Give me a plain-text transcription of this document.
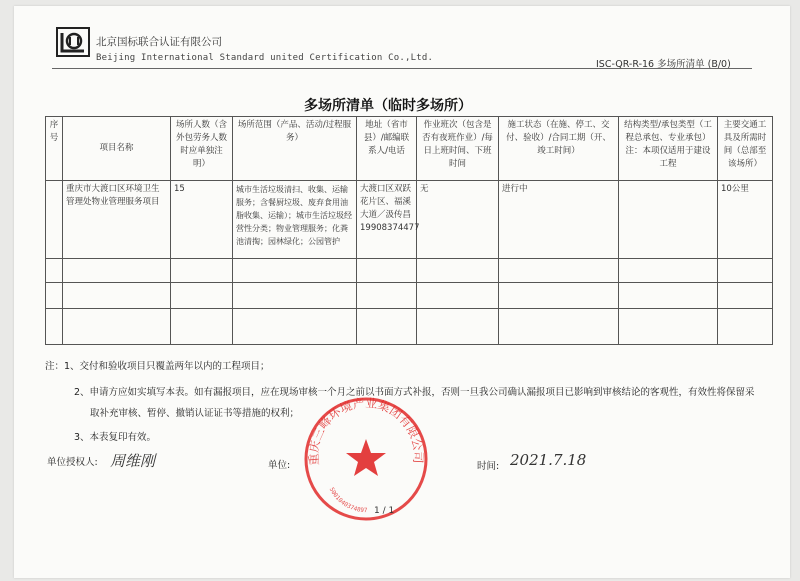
北京国标联合认证有限公司
Beijing International Standard united Certification Co.,Ltd.
ISC-QR-R-16 多场所清单 (B/0)
多场所清单（临时多场所）
序号	项目名称	场所人数（含外包劳务人数时应单独注明）	场所范围（产品、活动/过程服务）	地址（省市县）/邮编联系人/电话	作业班次（包含是否有夜班作业）/每日上班时间、下班时间	施工状态（在施、停工、交付、验收）/合同工期（开、竣工时间）	结构类型/承包类型（工程总承包、专业承包）注：本项仅适用于建设工程	主要交通工具及所需时间（总部至该场所）
	重庆市大渡口区环境卫生管理处物业管理服务项目	15	城市生活垃圾清扫、收集、运输服务；含餐厨垃圾、废弃食用油脂收集、运输）；城市生活垃圾经营性分类；物业管理服务；化粪池清掏；园林绿化；公园管护	大渡口区双跃花片区、福溪大道／汲传昌19908374477	无	进行中		10公里

注：1、交付和验收项目只覆盖两年以内的工程项目；
2、申请方应如实填写本表。如有漏报项目，应在现场审核一个月之前以书面方式补报，否则一旦我公司确认漏报项目已影响到审核结论的客观性，有效性将保留采
取补充审核、暂停、撤销认证证书等措施的权利；
3、本表复印有效。
单位授权人: 周维刚	单位:	时间: 2021.7.18
重庆三峰环境产业集团有限公司
5001040374897 1 / 1
